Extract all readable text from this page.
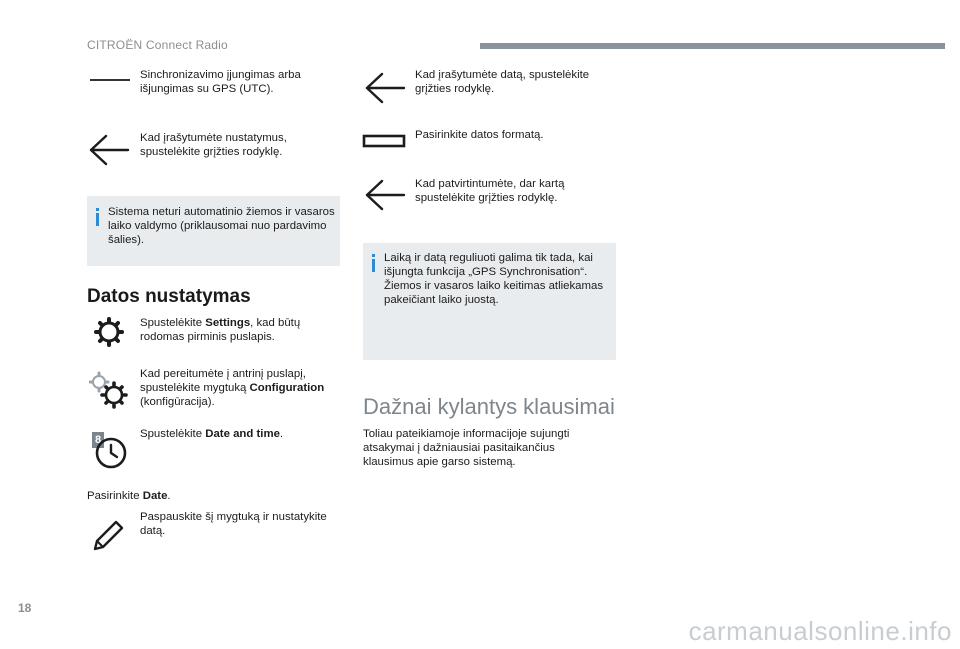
CITROËN Connect Radio
Sinchronizavimo įjungimas arba išjungimas su GPS (UTC).
Kad įrašytumėte nustatymus, spustelėkite grįžties rodyklę.
Sistema neturi automatinio žiemos ir vasaros laiko valdymo (priklausomai nuo pardavimo šalies).
Datos nustatymas
Spustelėkite Settings, kad būtų rodomas pirminis puslapis.
Kad pereitumėte į antrinį puslapį, spustelėkite mygtuką Configuration (konfigūracija).
8	Spustelėkite Date and time.
Pasirinkite Date.
Paspauskite šį mygtuką ir nustatykite datą.
Kad įrašytumėte datą, spustelėkite grįžties rodyklę.
Pasirinkite datos formatą.
Kad patvirtintumėte, dar kartą spustelėkite grįžties rodyklę.
Laiką ir datą reguliuoti galima tik tada, kai išjungta funkcija „GPS Synchronisation“. Žiemos ir vasaros laiko keitimas atliekamas pakeičiant laiko juostą.
Dažnai kylantys klausimai
Toliau pateikiamoje informacijoje sujungti atsakymai į dažniausiai pasitaikančius klausimus apie garso sistemą.
18
carmanualsonline.info
